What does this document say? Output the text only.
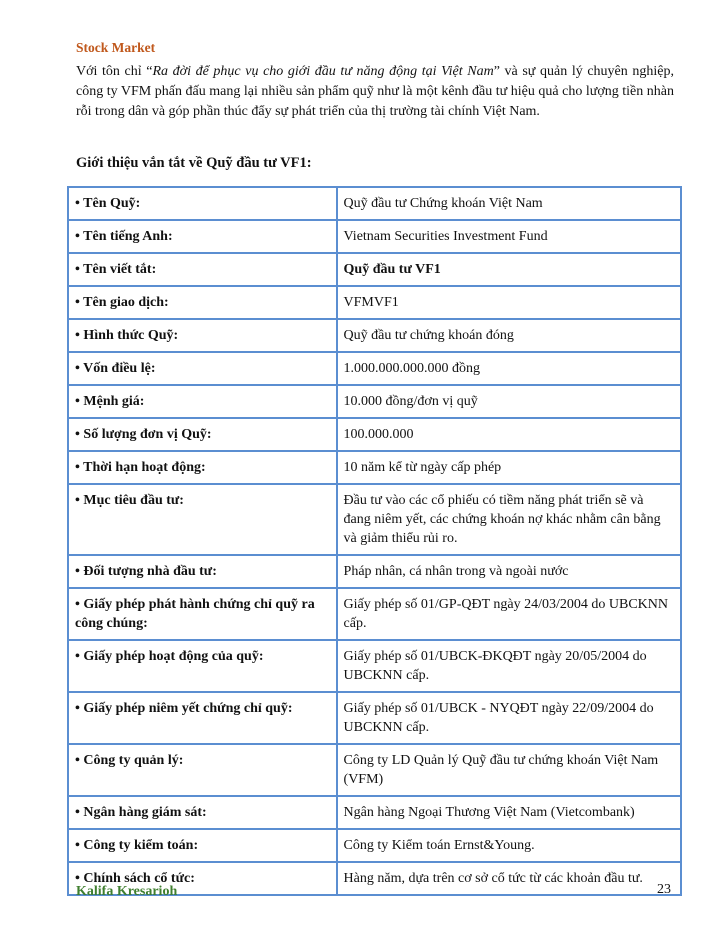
Stock Market
Với tôn chỉ “Ra đời để phục vụ cho giới đầu tư năng động tại Việt Nam” và sự quản lý chuyên nghiệp, công ty VFM phấn đấu mang lại nhiều sản phẩm quỹ như là một kênh đầu tư hiệu quả cho lượng tiền nhàn rỗi trong dân và góp phần thúc đẩy sự phát triển của thị trường tài chính Việt Nam.
Giới thiệu vắn tắt về Quỹ đầu tư VF1:
• Tên Quỹ:	Quỹ đầu tư Chứng khoán Việt Nam
• Tên tiếng Anh:	Vietnam Securities Investment Fund
• Tên viết tắt:	Quỹ đầu tư VF1
• Tên giao dịch:	VFMVF1
• Hình thức Quỹ:	Quỹ đầu tư chứng khoán đóng
• Vốn điều lệ:	1.000.000.000.000 đồng
• Mệnh giá:	10.000 đồng/đơn vị quỹ
• Số lượng đơn vị Quỹ:	100.000.000
• Thời hạn hoạt động:	10 năm kể từ ngày cấp phép
• Mục tiêu đầu tư:	Đầu tư vào các cổ phiếu có tiềm năng phát triển sẽ và đang niêm yết, các chứng khoán nợ khác nhằm cân bằng và giảm thiểu rủi ro.
• Đối tượng nhà đầu tư:	Pháp nhân, cá nhân trong và ngoài nước
• Giấy phép phát hành chứng chỉ quỹ ra công chúng:	Giấy phép số 01/GP-QĐT ngày 24/03/2004 do UBCKNN cấp.
• Giấy phép hoạt động của quỹ:	Giấy phép số 01/UBCK-ĐKQĐT ngày 20/05/2004 do UBCKNN cấp.
• Giấy phép niêm yết chứng chỉ quỹ:	Giấy phép số 01/UBCK - NYQĐT ngày 22/09/2004 do UBCKNN cấp.
• Công ty quản lý:	Công ty LD Quản lý Quỹ đầu tư chứng khoán Việt Nam (VFM)
• Ngân hàng giám sát:	Ngân hàng Ngoại Thương Việt Nam (Vietcombank)
• Công ty kiểm toán:	Công ty Kiểm toán Ernst&Young.
• Chính sách cổ tức:	Hàng năm, dựa trên cơ sở cổ tức từ các khoản đầu tư.
Kalifa Kresarioh	23
